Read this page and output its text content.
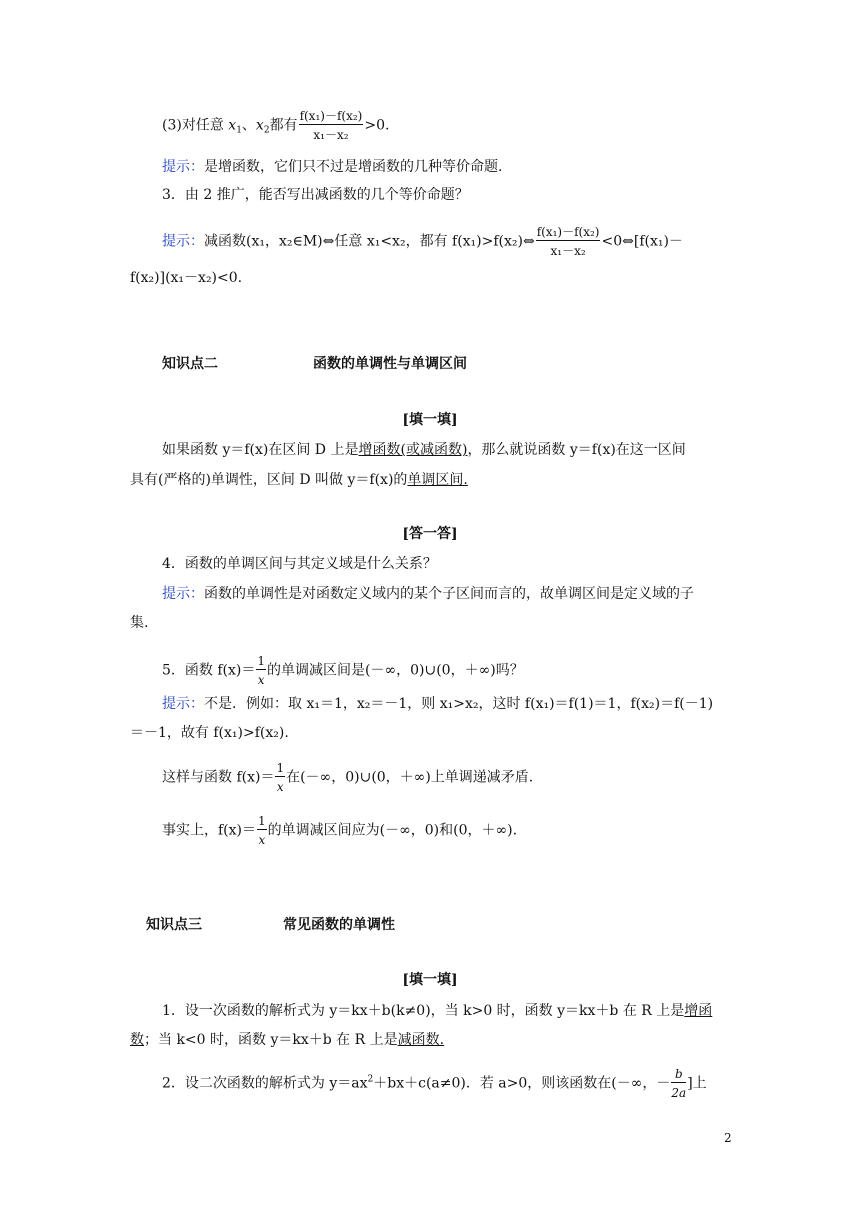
(3)对任意 $x_1$、$x_2$都有 $\frac{\text{f(x₁)－f(x₂)}}{\text{x₁－x₂}} >0$.
提示：是增函数，它们只不过是增函数的几种等价命题.
3．由 2 推广，能否写出减函数的几个等价命题？
提示：减函数(x₁，x₂∈M)⇔任意 x₁<x₂，都有 f(x₁)>f(x₂)⇔ $\frac{\text{f(x₁)－f(x₂)}}{\text{x₁－x₂}}$ <0⇔[f(x₁)－
f(x₂)](x₁－x₂)<0.
知识点二	函数的单调性与单调区间
[填一填]
如果函数 y＝f(x)在区间 D 上是增函数(或减函数)，那么就说函数 y＝f(x)在这一区间
具有(严格的)单调性，区间 D 叫做 y＝f(x)的单调区间.
[答一答]
4．函数的单调区间与其定义域是什么关系？
提示：函数的单调性是对函数定义域内的某个子区间而言的，故单调区间是定义域的子
集.
5．函数 $f(x)= \frac{1}{x}$ 的单调减区间是(－∞，0)∪(0，＋∞)吗？
提示：不是．例如：取 x₁＝1，x₂＝－1，则 x₁>x₂，这时 f(x₁)＝f(1)＝1，f(x₂)＝f(－1)
＝－1，故有 f(x₁)>f(x₂).
这样与函数 $f(x)= \frac{1}{x}$ 在(－∞，0)∪(0，＋∞)上单调递减矛盾.
事实上，$f(x)= \frac{1}{x}$ 的单调减区间应为(－∞，0)和(0，＋∞).
知识点三	常见函数的单调性
[填一填]
1．设一次函数的解析式为 y＝kx＋b(k≠0)，当 k>0 时，函数 y＝kx＋b 在 R 上是增函
数；当 k<0 时，函数 y＝kx＋b 在 R 上是减函数.
2．设二次函数的解析式为 $y=ax^2+bx+c(a\ne 0)$．若 a>0，则该函数在(－∞，－ $\frac{b}{2a}$ ]上
2
